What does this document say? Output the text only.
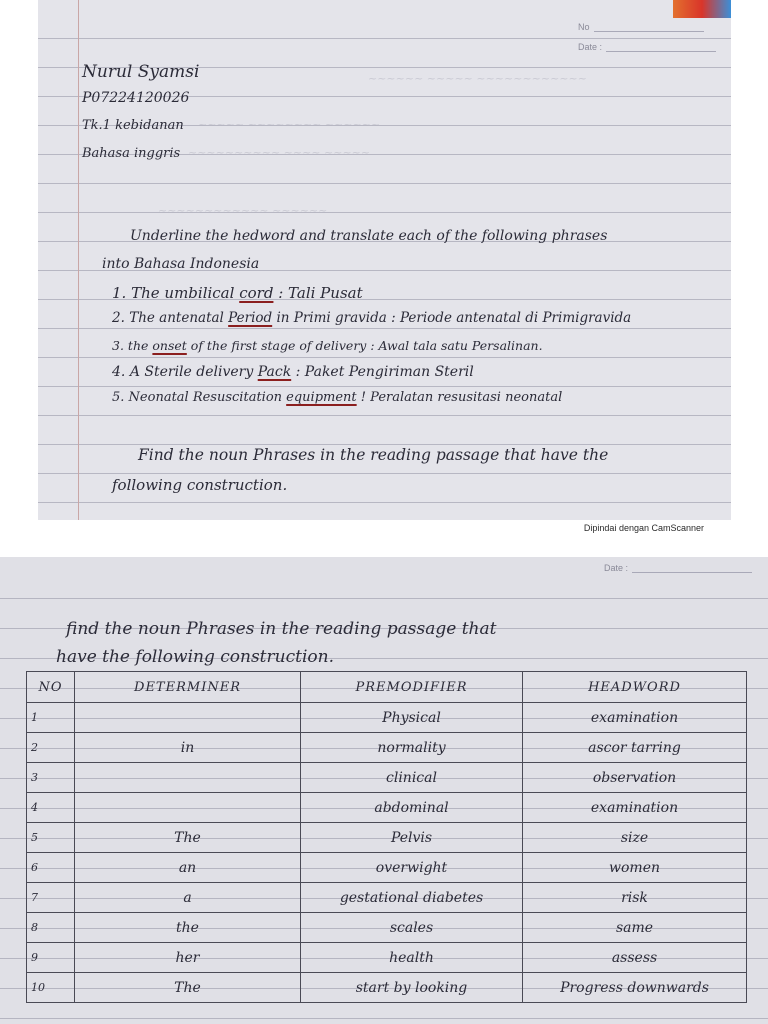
No
Date :
~~~~~~ ~~~~~ ~~~~~~~~~~~~
~~~~~ ~~~~~~~~ ~~~~~~
~~~~~~~~~~ ~~~~ ~~~~~
~~~~~~~~~~~~ ~~~~~~
Nurul Syamsi
P07224120026
Tk.1 kebidanan
Bahasa inggris
Underline the hedword and translate each of the following phrases
into Bahasa Indonesia
1. The umbilical cord : Tali Pusat
2. The antenatal Period in Primi gravida : Periode antenatal di Primigravida
3. the onset of the first stage of delivery : Awal tala satu Persalinan.
4. A Sterile delivery Pack : Paket Pengiriman Steril
5. Neonatal Resuscitation equipment ! Peralatan resusitasi neonatal
Find the noun Phrases in the reading passage that have the
following construction.
Dipindai dengan CamScanner
Date :
find the noun Phrases in the reading passage that
have the following construction.
NO	DETERMINER	PREMODIFIER	HEADWORD
1		Physical	examination
2	in	normality	ascor tarring
3		clinical	observation
4		abdominal	examination
5	The	Pelvis	size
6	an	overwight	women
7	a	gestational diabetes	risk
8	the	scales	same
9	her	health	assess
10	The	start by looking	Progress downwards
